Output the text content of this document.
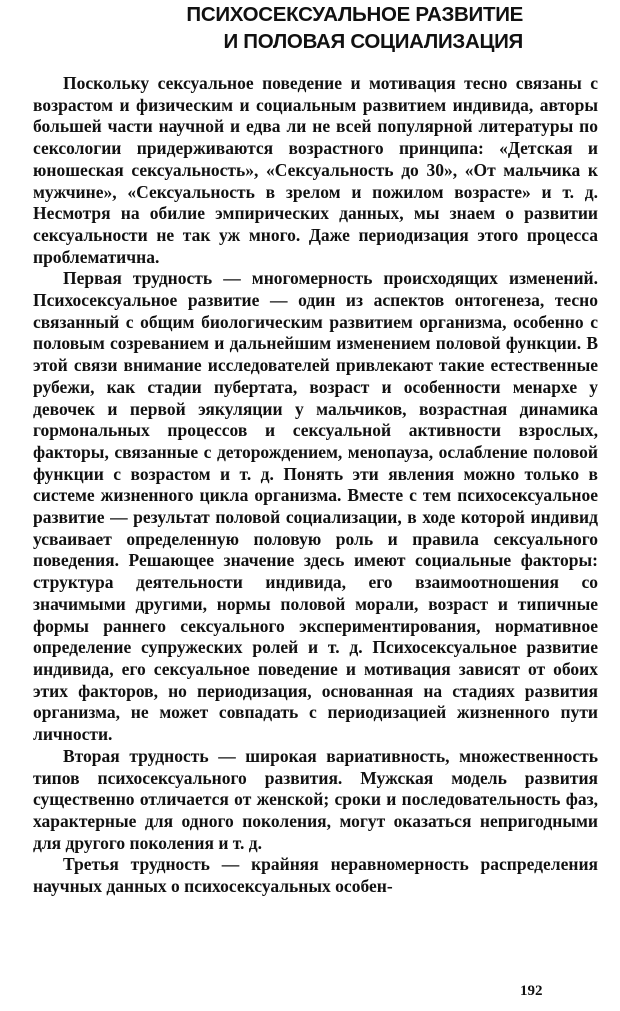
ПСИХОСЕКСУАЛЬНОЕ РАЗВИТИЕ
И ПОЛОВАЯ СОЦИАЛИЗАЦИЯ

Поскольку сексуальное поведение и мотивация тесно связаны с возрастом и физическим и социальным развитием индивида, авторы большей части научной и едва ли не всей популярной литературы по сексологии придерживаются возрастного принципа: «Детская и юношеская сексуальность», «Сексуальность до 30», «От мальчика к мужчине», «Сексуальность в зрелом и пожилом возрасте» и т. д. Несмотря на обилие эмпирических данных, мы знаем о развитии сексуальности не так уж много. Даже периодизация этого процесса проблематична.

Первая трудность — многомерность происходящих изменений. Психосексуальное развитие — один из аспектов онтогенеза, тесно связанный с общим биологическим развитием организма, особенно с половым созреванием и дальнейшим изменением половой функции. В этой связи внимание исследователей привлекают такие естественные рубежи, как стадии пубертата, возраст и особенности менархе у девочек и первой эякуляции у мальчиков, возрастная динамика гормональных процессов и сексуальной активности взрослых, факторы, связанные с деторождением, менопауза, ослабление половой функции с возрастом и т. д. Понять эти явления можно только в системе жизненного цикла организма. Вместе с тем психосексуальное развитие — результат половой социализации, в ходе которой индивид усваивает определенную половую роль и правила сексуального поведения. Решающее значение здесь имеют социальные факторы: структура деятельности индивида, его взаимоотношения со значимыми другими, нормы половой морали, возраст и типичные формы раннего сексуального экспериментирования, нормативное определение супружеских ролей и т. д. Психосексуальное развитие индивида, его сексуальное поведение и мотивация зависят от обоих этих факторов, но периодизация, основанная на стадиях развития организма, не может совпадать с периодизацией жизненного пути личности.

Вторая трудность — широкая вариативность, множественность типов психосексуального развития. Мужская модель развития существенно отличается от женской; сроки и последовательность фаз, характерные для одного поколения, могут оказаться непригодными для другого поколения и т. д.

Третья трудность — крайняя неравномерность распределения научных данных о психосексуальных особен-

192
